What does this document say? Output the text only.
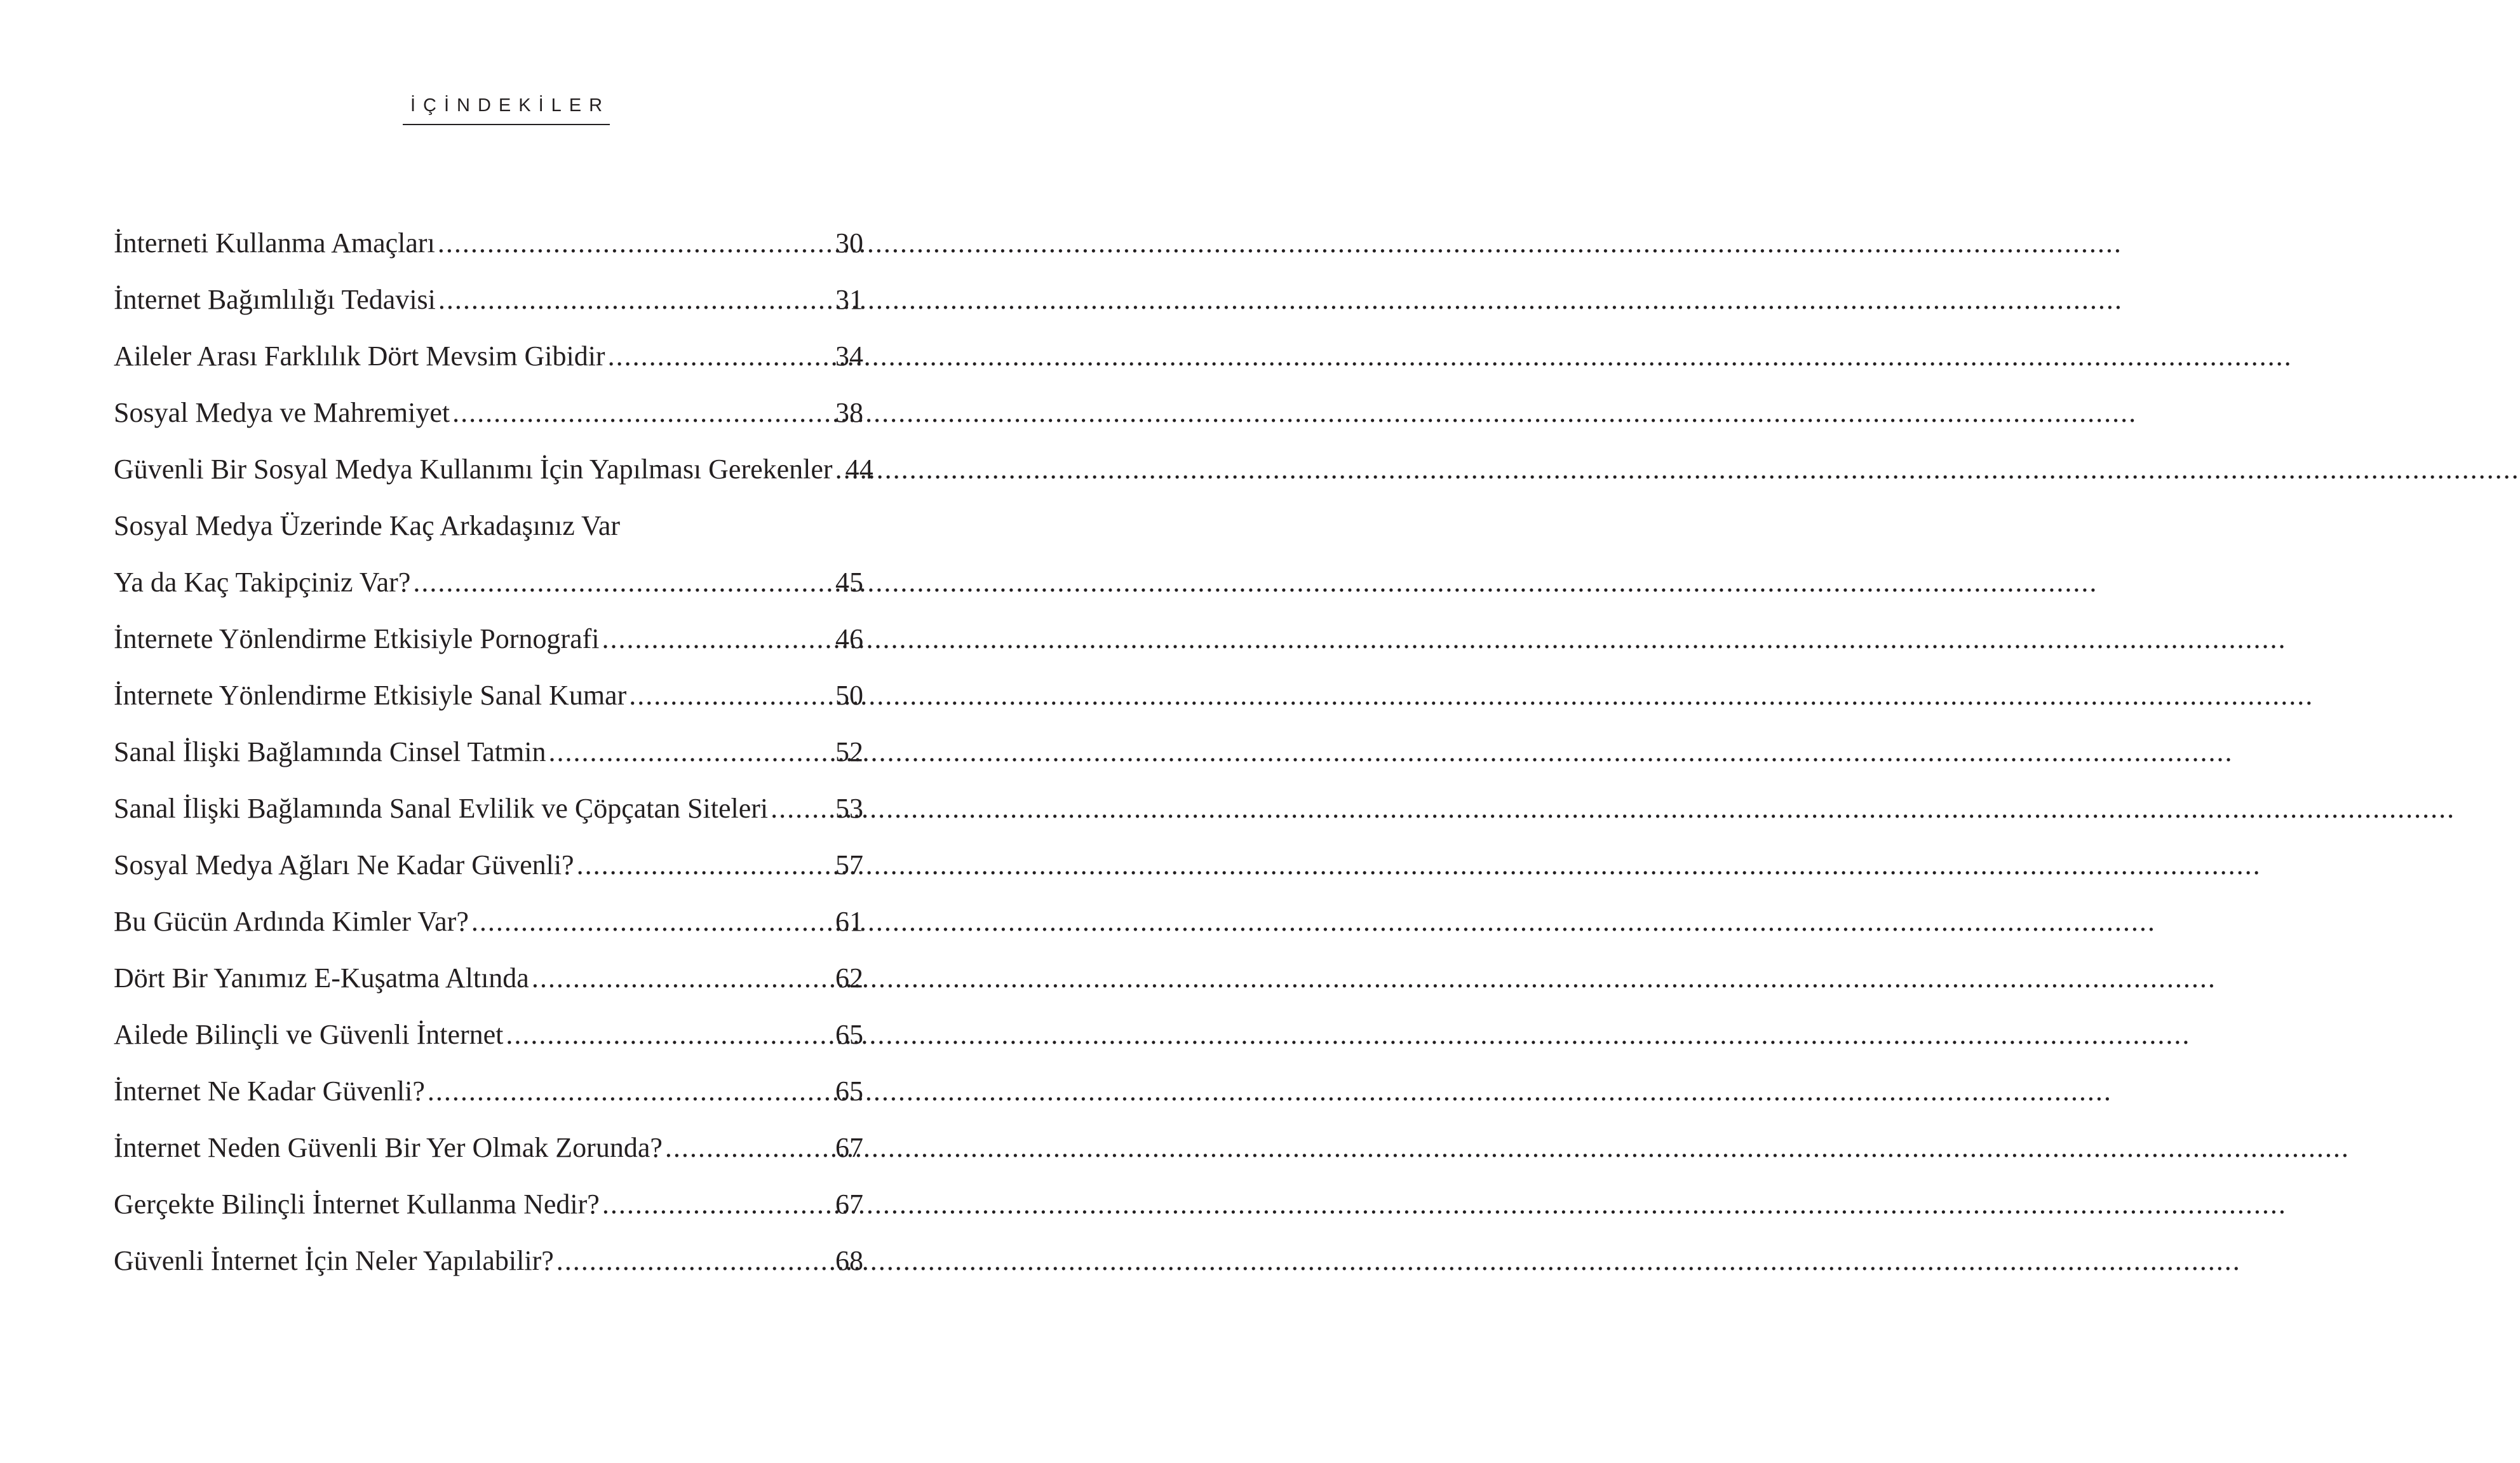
İÇİNDEKİLER
İnterneti Kullanma Amaçları .....	30
İnternet Bağımlılığı Tedavisi .....	31
Aileler Arası Farklılık Dört Mevsim Gibidir .....	34
Sosyal Medya ve Mahremiyet .....	38
Güvenli Bir Sosyal Medya Kullanımı İçin Yapılması Gerekenler ..... 44
Sosyal Medya Üzerinde Kaç Arkadaşınız Var
Ya da Kaç Takipçiniz Var? .....	45
İnternete Yönlendirme Etkisiyle Pornografi .....	46
İnternete Yönlendirme Etkisiyle Sanal Kumar .....	50
Sanal İlişki Bağlamında Cinsel Tatmin .....	52
Sanal İlişki Bağlamında Sanal Evlilik ve Çöpçatan Siteleri ..... 53
Sosyal Medya Ağları Ne Kadar Güvenli? .....	57
Bu Gücün Ardında Kimler Var? .....	61
Dört Bir Yanımız E-Kuşatma Altında .....	62
Ailede Bilinçli ve Güvenli İnternet .....	65
İnternet Ne Kadar Güvenli? .....	65
İnternet Neden Güvenli Bir Yer Olmak Zorunda? .....	67
Gerçekte Bilinçli İnternet Kullanma Nedir? .....	67
Güvenli İnternet İçin Neler Yapılabilir? .....	68
